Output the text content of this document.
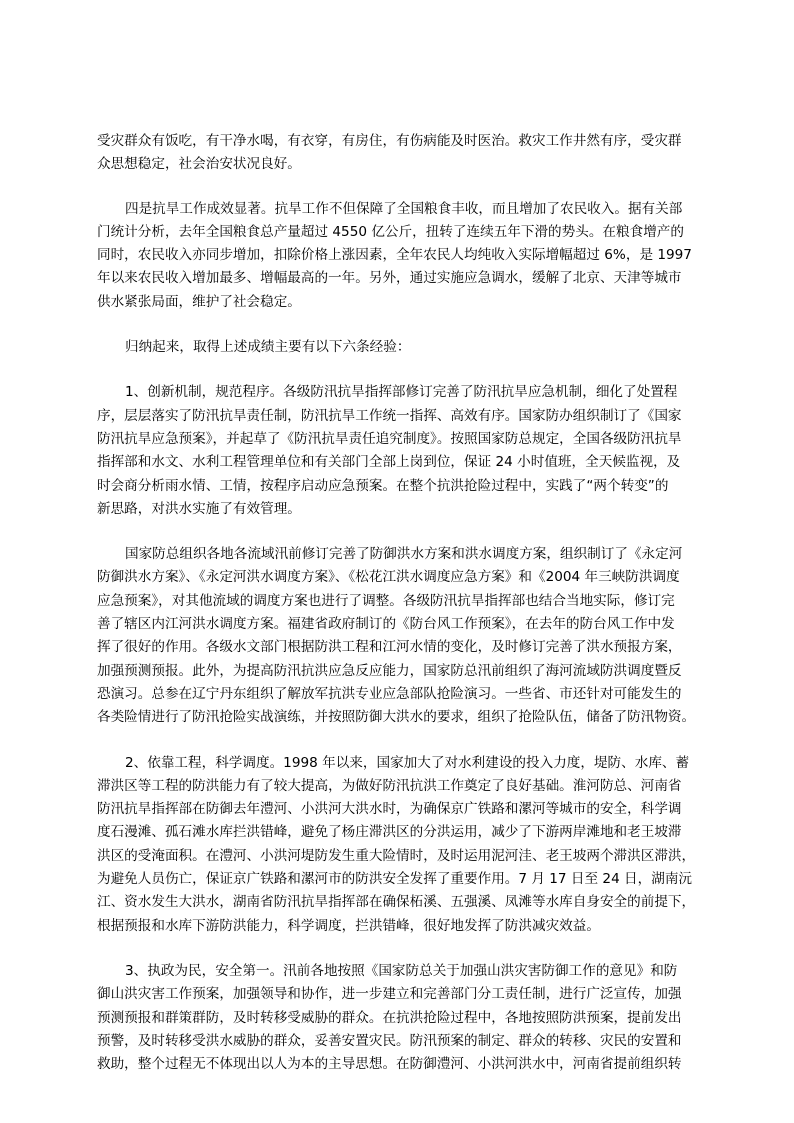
受灾群众有饭吃，有干净水喝，有衣穿，有房住，有伤病能及时医治。救灾工作井然有序，受灾群
众思想稳定，社会治安状况良好。

四是抗旱工作成效显著。抗旱工作不但保障了全国粮食丰收，而且增加了农民收入。据有关部
门统计分析，去年全国粮食总产量超过 4550 亿公斤，扭转了连续五年下滑的势头。在粮食增产的
同时，农民收入亦同步增加，扣除价格上涨因素，全年农民人均纯收入实际增幅超过 6%，是 1997
年以来农民收入增加最多、增幅最高的一年。另外，通过实施应急调水，缓解了北京、天津等城市
供水紧张局面，维护了社会稳定。

归纳起来，取得上述成绩主要有以下六条经验：

1、创新机制，规范程序。各级防汛抗旱指挥部修订完善了防汛抗旱应急机制，细化了处置程
序，层层落实了防汛抗旱责任制，防汛抗旱工作统一指挥、高效有序。国家防办组织制订了《国家
防汛抗旱应急预案》，并起草了《防汛抗旱责任追究制度》。按照国家防总规定，全国各级防汛抗旱
指挥部和水文、水利工程管理单位和有关部门全部上岗到位，保证 24 小时值班，全天候监视，及
时会商分析雨水情、工情，按程序启动应急预案。在整个抗洪抢险过程中，实践了“两个转变”的
新思路，对洪水实施了有效管理。

国家防总组织各地各流域汛前修订完善了防御洪水方案和洪水调度方案，组织制订了《永定河
防御洪水方案》、《永定河洪水调度方案》、《松花江洪水调度应急方案》和《2004 年三峡防洪调度
应急预案》，对其他流域的调度方案也进行了调整。各级防汛抗旱指挥部也结合当地实际，修订完
善了辖区内江河洪水调度方案。福建省政府制订的《防台风工作预案》，在去年的防台风工作中发
挥了很好的作用。各级水文部门根据防洪工程和江河水情的变化，及时修订完善了洪水预报方案，
加强预测预报。此外，为提高防汛抗洪应急反应能力，国家防总汛前组织了海河流域防洪调度暨反
恐演习。总参在辽宁丹东组织了解放军抗洪专业应急部队抢险演习。一些省、市还针对可能发生的
各类险情进行了防汛抢险实战演练，并按照防御大洪水的要求，组织了抢险队伍，储备了防汛物资。

2、依靠工程，科学调度。1998 年以来，国家加大了对水利建设的投入力度，堤防、水库、蓄
滞洪区等工程的防洪能力有了较大提高，为做好防汛抗洪工作奠定了良好基础。淮河防总、河南省
防汛抗旱指挥部在防御去年澧河、小洪河大洪水时，为确保京广铁路和漯河等城市的安全，科学调
度石漫滩、孤石滩水库拦洪错峰，避免了杨庄滞洪区的分洪运用，减少了下游两岸滩地和老王坡滞
洪区的受淹面积。在澧河、小洪河堤防发生重大险情时，及时运用泥河洼、老王坡两个滞洪区滞洪，
为避免人员伤亡，保证京广铁路和漯河市的防洪安全发挥了重要作用。7 月 17 日至 24 日，湖南沅
江、资水发生大洪水，湖南省防汛抗旱指挥部在确保柘溪、五强溪、凤滩等水库自身安全的前提下，
根据预报和水库下游防洪能力，科学调度，拦洪错峰，很好地发挥了防洪减灾效益。

3、执政为民，安全第一。汛前各地按照《国家防总关于加强山洪灾害防御工作的意见》和防
御山洪灾害工作预案，加强领导和协作，进一步建立和完善部门分工责任制，进行广泛宣传，加强
预测预报和群策群防，及时转移受威胁的群众。在抗洪抢险过程中，各地按照防洪预案，提前发出
预警，及时转移受洪水威胁的群众，妥善安置灾民。防汛预案的制定、群众的转移、灾民的安置和
救助，整个过程无不体现出以人为本的主导思想。在防御澧河、小洪河洪水中，河南省提前组织转
